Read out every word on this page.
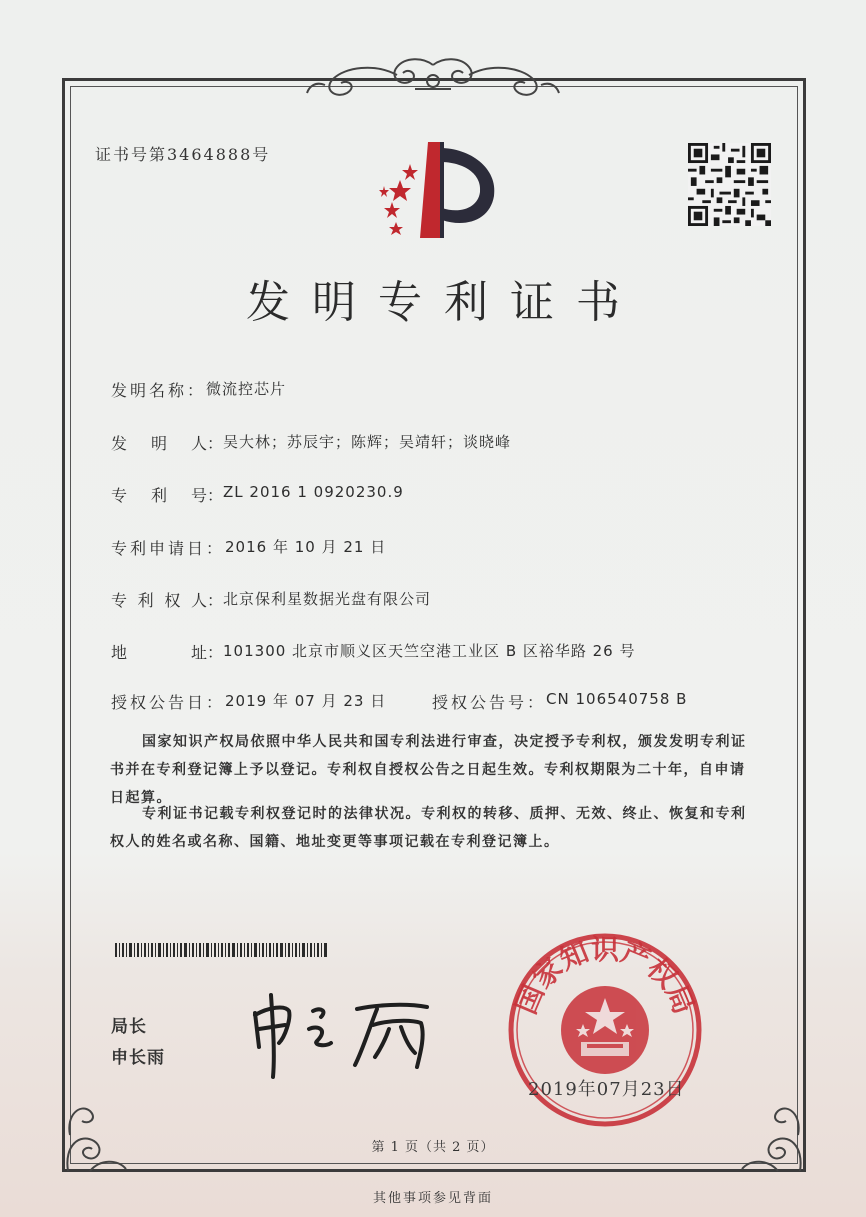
证书号第3464888号
发明专利证书
发明名称： 微流控芯片
发 明 人 ： 吴大林；苏辰宇；陈辉；吴靖轩；谈晓峰
专 利 号 ： ZL 2016 1 0920230.9
专利申请日： 2016 年 10 月 21 日
专 利 权 人 ： 北京保利星数据光盘有限公司
地	址 ： 101300 北京市顺义区天竺空港工业区 B 区裕华路 26 号
授权公告日： 2019 年 07 月 23 日	授权公告号： CN 106540758 B
国家知识产权局依照中华人民共和国专利法进行审查，决定授予专利权，颁发发明专利证书并在专利登记簿上予以登记。专利权自授权公告之日起生效。专利权期限为二十年，自申请日起算。
专利证书记载专利权登记时的法律状况。专利权的转移、质押、无效、终止、恢复和专利权人的姓名或名称、国籍、地址变更等事项记载在专利登记簿上。
局长
申长雨
国家知识产权局
2019年07月23日
第 1 页（共 2 页）
其他事项参见背面
